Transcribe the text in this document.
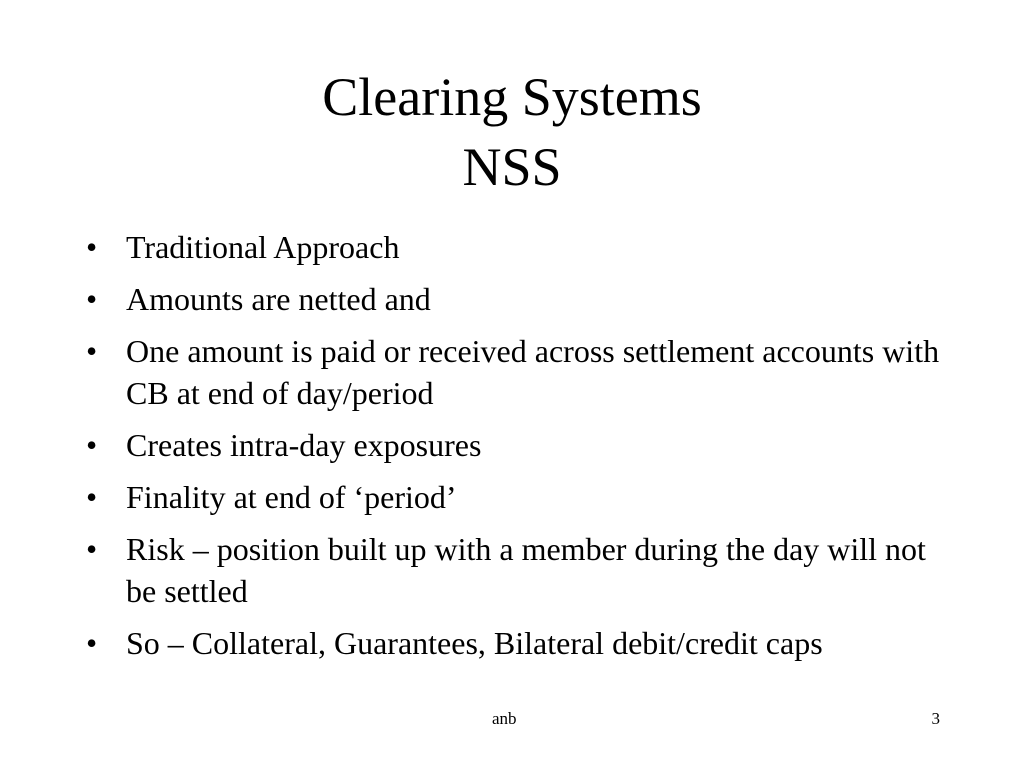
Clearing Systems
NSS
• Traditional Approach
• Amounts are netted and
• One amount is paid or received across settlement accounts with CB at end of day/period
• Creates intra-day exposures
• Finality at end of ‘period’
• Risk – position built up with a member during the day will not be settled
• So – Collateral, Guarantees, Bilateral debit/credit caps
anb	3
